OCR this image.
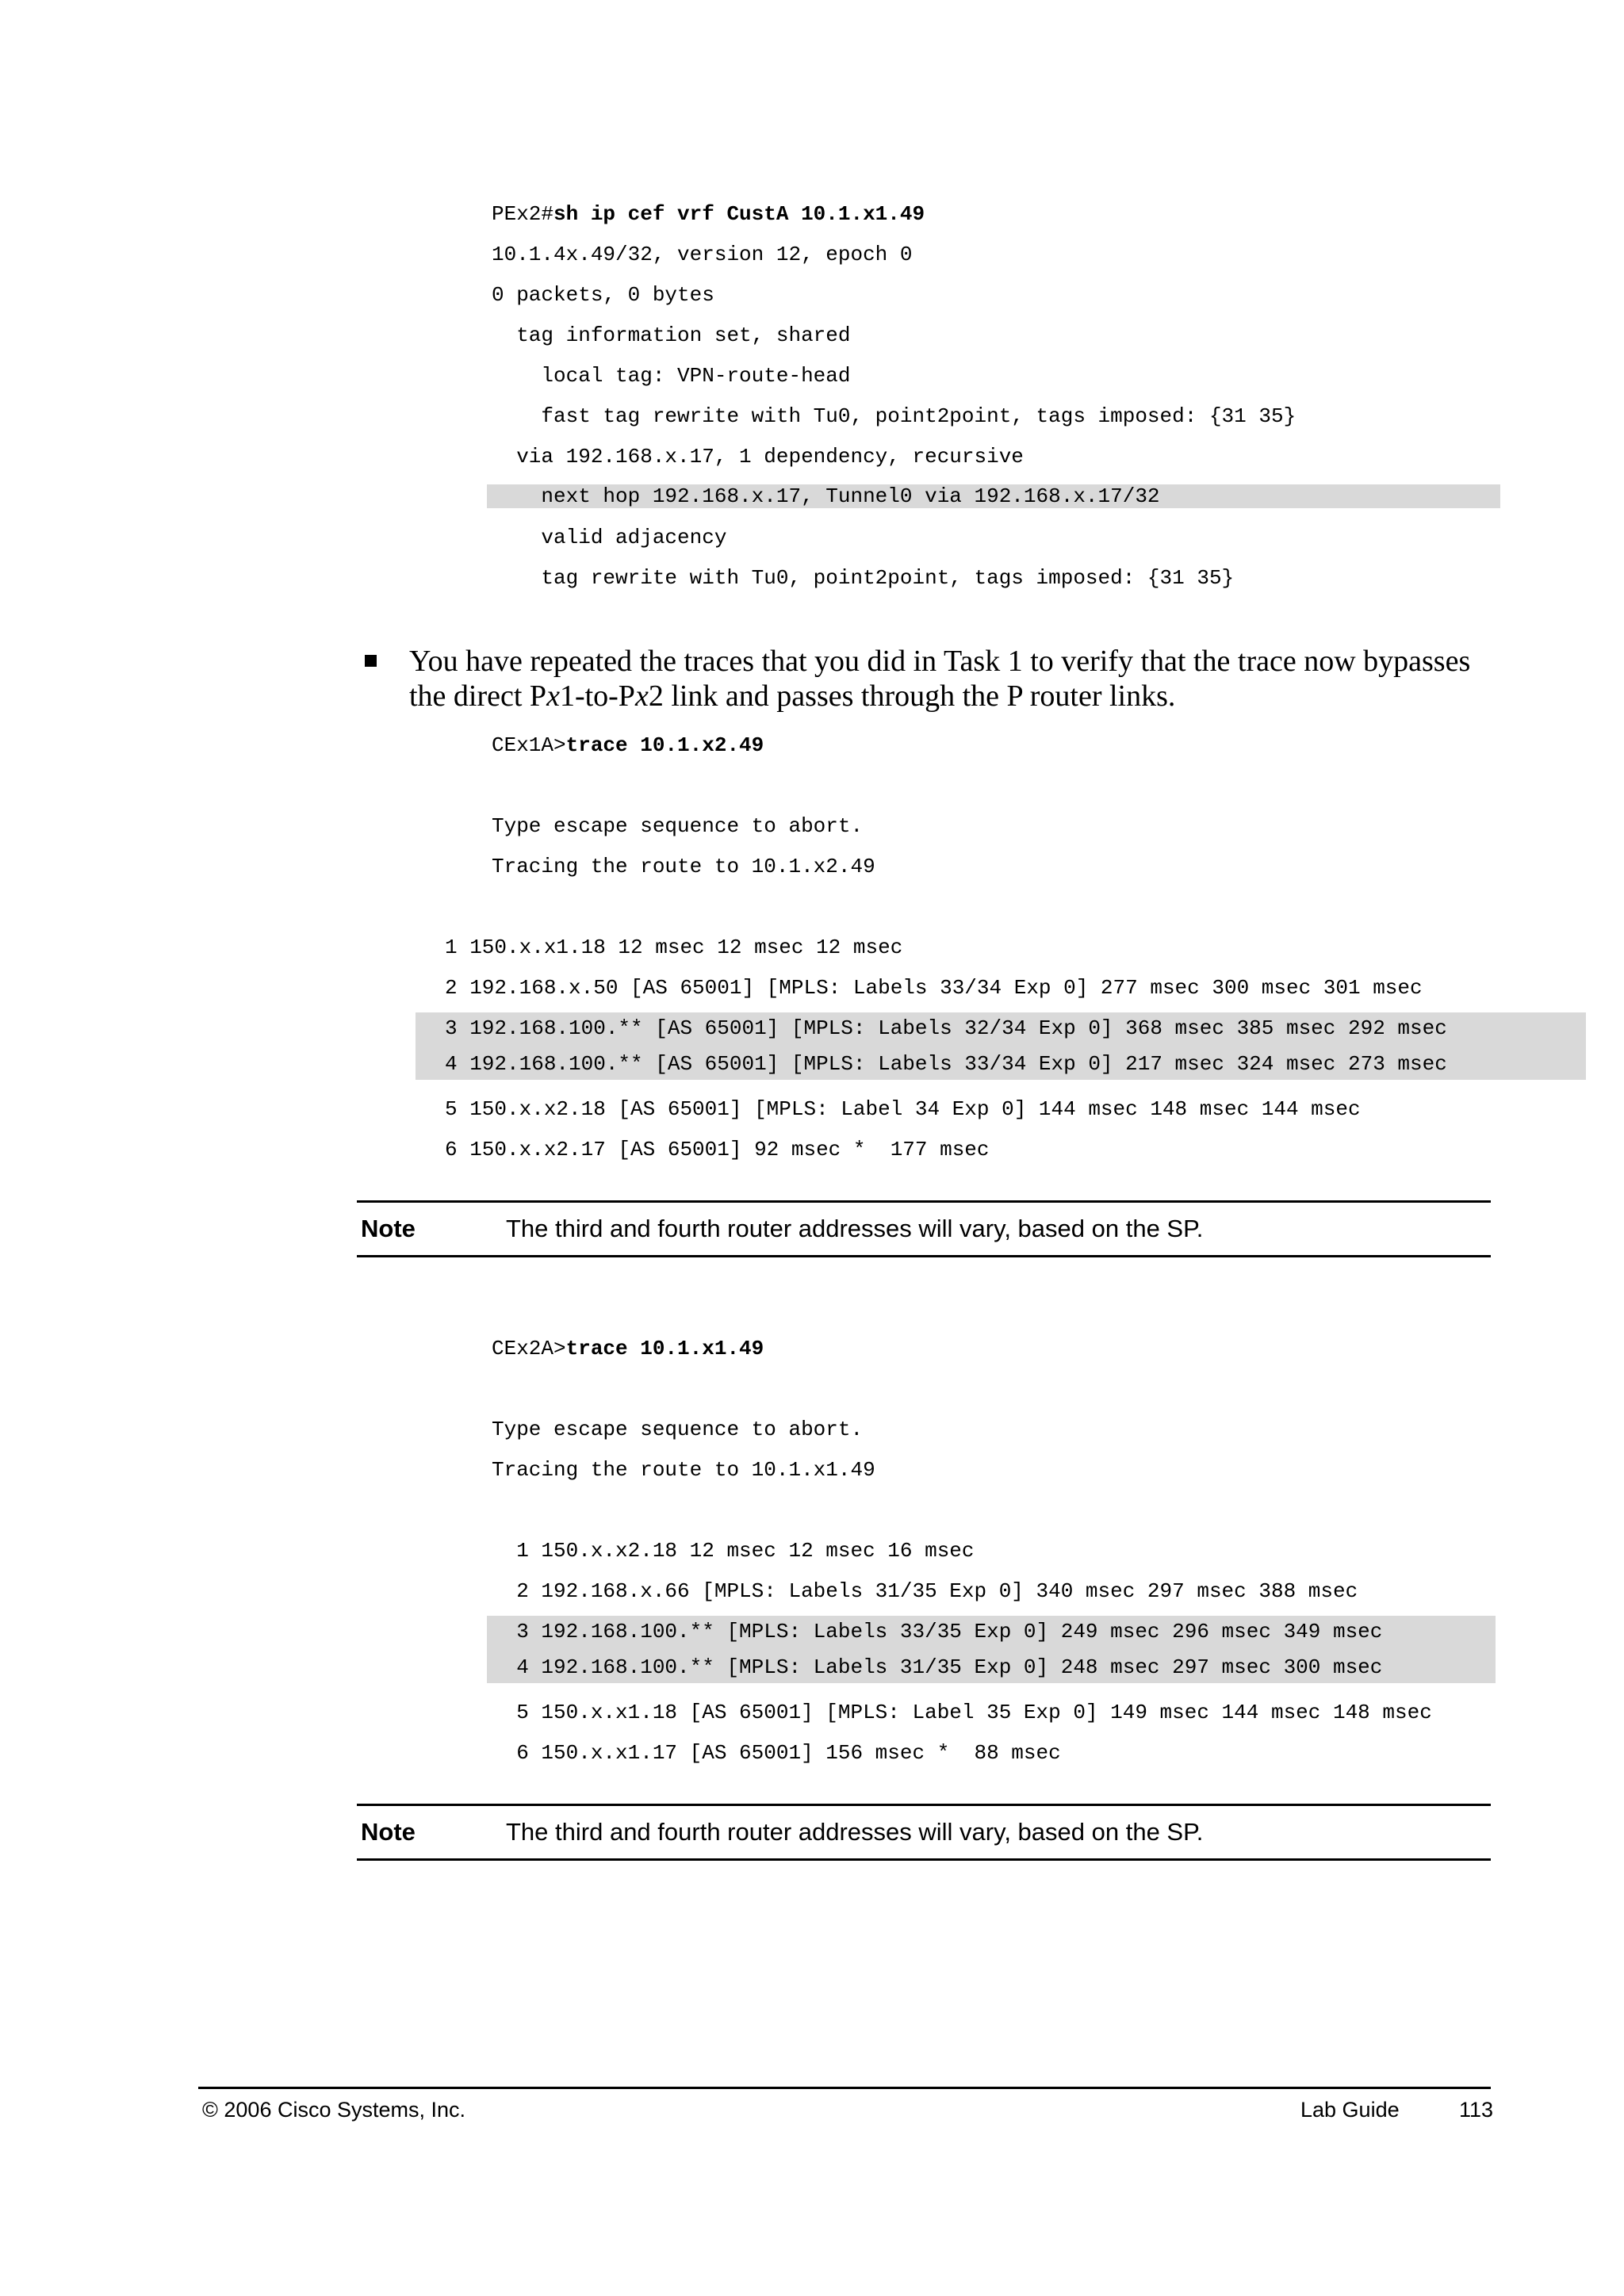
PEx2#sh ip cef vrf CustA 10.1.x1.49
10.1.4x.49/32, version 12, epoch 0
0 packets, 0 bytes
tag information set, shared
local tag: VPN-route-head
fast tag rewrite with Tu0, point2point, tags imposed: {31 35}
via 192.168.x.17, 1 dependency, recursive
next hop 192.168.x.17, Tunnel0 via 192.168.x.17/32
valid adjacency
tag rewrite with Tu0, point2point, tags imposed: {31 35}
You have repeated the traces that you did in Task 1 to verify that the trace now bypasses the direct Px1-to-Px2 link and passes through the P router links.
CEx1A>trace 10.1.x2.49
Type escape sequence to abort.
Tracing the route to 10.1.x2.49
1 150.x.x1.18 12 msec 12 msec 12 msec
2 192.168.x.50 [AS 65001] [MPLS: Labels 33/34 Exp 0] 277 msec 300 msec 301 msec
3 192.168.100.** [AS 65001] [MPLS: Labels 32/34 Exp 0] 368 msec 385 msec 292 msec
4 192.168.100.** [AS 65001] [MPLS: Labels 33/34 Exp 0] 217 msec 324 msec 273 msec
5 150.x.x2.18 [AS 65001] [MPLS: Label 34 Exp 0] 144 msec 148 msec 144 msec
6 150.x.x2.17 [AS 65001] 92 msec *  177 msec
Note	The third and fourth router addresses will vary, based on the SP.
CEx2A>trace 10.1.x1.49
Type escape sequence to abort.
Tracing the route to 10.1.x1.49
1 150.x.x2.18 12 msec 12 msec 16 msec
2 192.168.x.66 [MPLS: Labels 31/35 Exp 0] 340 msec 297 msec 388 msec
3 192.168.100.** [MPLS: Labels 33/35 Exp 0] 249 msec 296 msec 349 msec
4 192.168.100.** [MPLS: Labels 31/35 Exp 0] 248 msec 297 msec 300 msec
5 150.x.x1.18 [AS 65001] [MPLS: Label 35 Exp 0] 149 msec 144 msec 148 msec
6 150.x.x1.17 [AS 65001] 156 msec *  88 msec
Note	The third and fourth router addresses will vary, based on the SP.
© 2006 Cisco Systems, Inc.	Lab Guide	113
